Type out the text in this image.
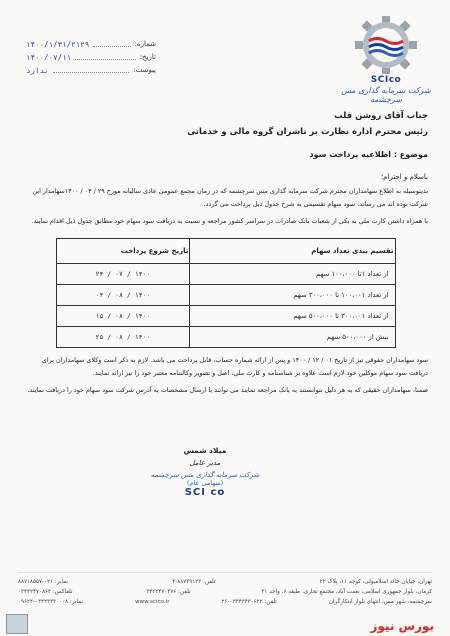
SCIco
شرکت سرمایه گذاری مس سرچشمه
شماره:
۱۴۰۰/۱/۳۱/۲۱۲۹
تاریخ:
۱۴۰۰/۰۷/۱۱
پیوست:
ندارد
جناب آقای روشن قلب
رئیس محترم اداره نظارت بر ناشران گروه مالی و خدماتی
موضوع : اطلاعیه پرداخت سود
باسلام و احترام؛
بدینوسیله به اطلاع سهامداران محترم شرکت سرمایه گذاری مس سرچشمه که در زمان مجمع عمومی عادی سالیانه مورخ ۲۹ / ۰۴ / ۱۴۰۰سهامدار این شرکت بوده اند می رساند، سود سهام تقسیمی به شرح جدول ذیل پرداخت می گردد.
با همراه داشتن کارت ملی به یکی از شعبات بانک صادرات در سراسر کشور مراجعه و نسبت به دریافت سود سهام خود مطابق جدول ذیل اقدام نمایند.
تقسیم بندی تعداد سهام	تاریخ شروع پرداخت
از تعداد ۱تا ۱۰۰،۰۰۰ سهم	۱۴۰۰ / ۰۷ / ۲۴
از تعداد ۱۰۰،۰۰۱ تا ۳۰۰،۰۰۰ سهم	۱۴۰۰ / ۰۸ / ۰۴
از تعداد ۳۰۰،۰۰۱ تا ۵۰۰،۰۰۰ سهم	۱۴۰۰ / ۰۸ / ۱۵
بیش از ۵۰۰،۰۰۰ سهم	۱۴۰۰ / ۰۸ / ۲۵
سود سهامداران حقوقی نیز از تاریخ ۰۱ / ۱۲ / ۱۴۰۰ و پس از ارائه شماره حساب، قابل پرداخت می باشد. لازم به ذکر است وکلای سهامداران برای دریافت سود سهام موکلین خود لازم است علاوه بر شناسنامه و کارت ملی، اصل و تصویر وکالتنامه معتبر خود را نیز ارائه نمایند.
ضمنا، سهامداران حقیقی که به هر دلیل نتوانستند به بانک مراجعه نمایند می توانند با ارسال مشخصات به آدرس شرکت سود سهام خود را دریافت نمایند.
میلاد شمس
مدیر عامل
شرکت سرمایه گذاری مس سرچشمه
(سهامی عام)
SCI co
تهران، خیابان خالد اسلامبولی، کوچه ۱۱، پلاک ۲۲
تلفن: ۸۸۷۳۹۱۲۳-۴
نمابر: ۰۲۱-۸۸۷۱۸۵۵۷
کرمان، بلوار جمهوری اسلامی، نعمت آباد، مجتمع تجاری، طبقه ۶، واحد ۳۱
تلفن: ۰۳۴۳۲۴۷۰۴۷۶
تلفاکس: ۰۳۴۳۲۴۷۰۸۶۴
سرچشمه، شهر مس، انتهای بلوار ابتکارگران
تلفن: ۰۳۴۴۳۴۳۰۶۲۲-۲۶
www.scico.ir
نمابر: ۰۳۴۴۳۴۳۰۰۰۸-۰۹۶۲۴
بورس نیوز
